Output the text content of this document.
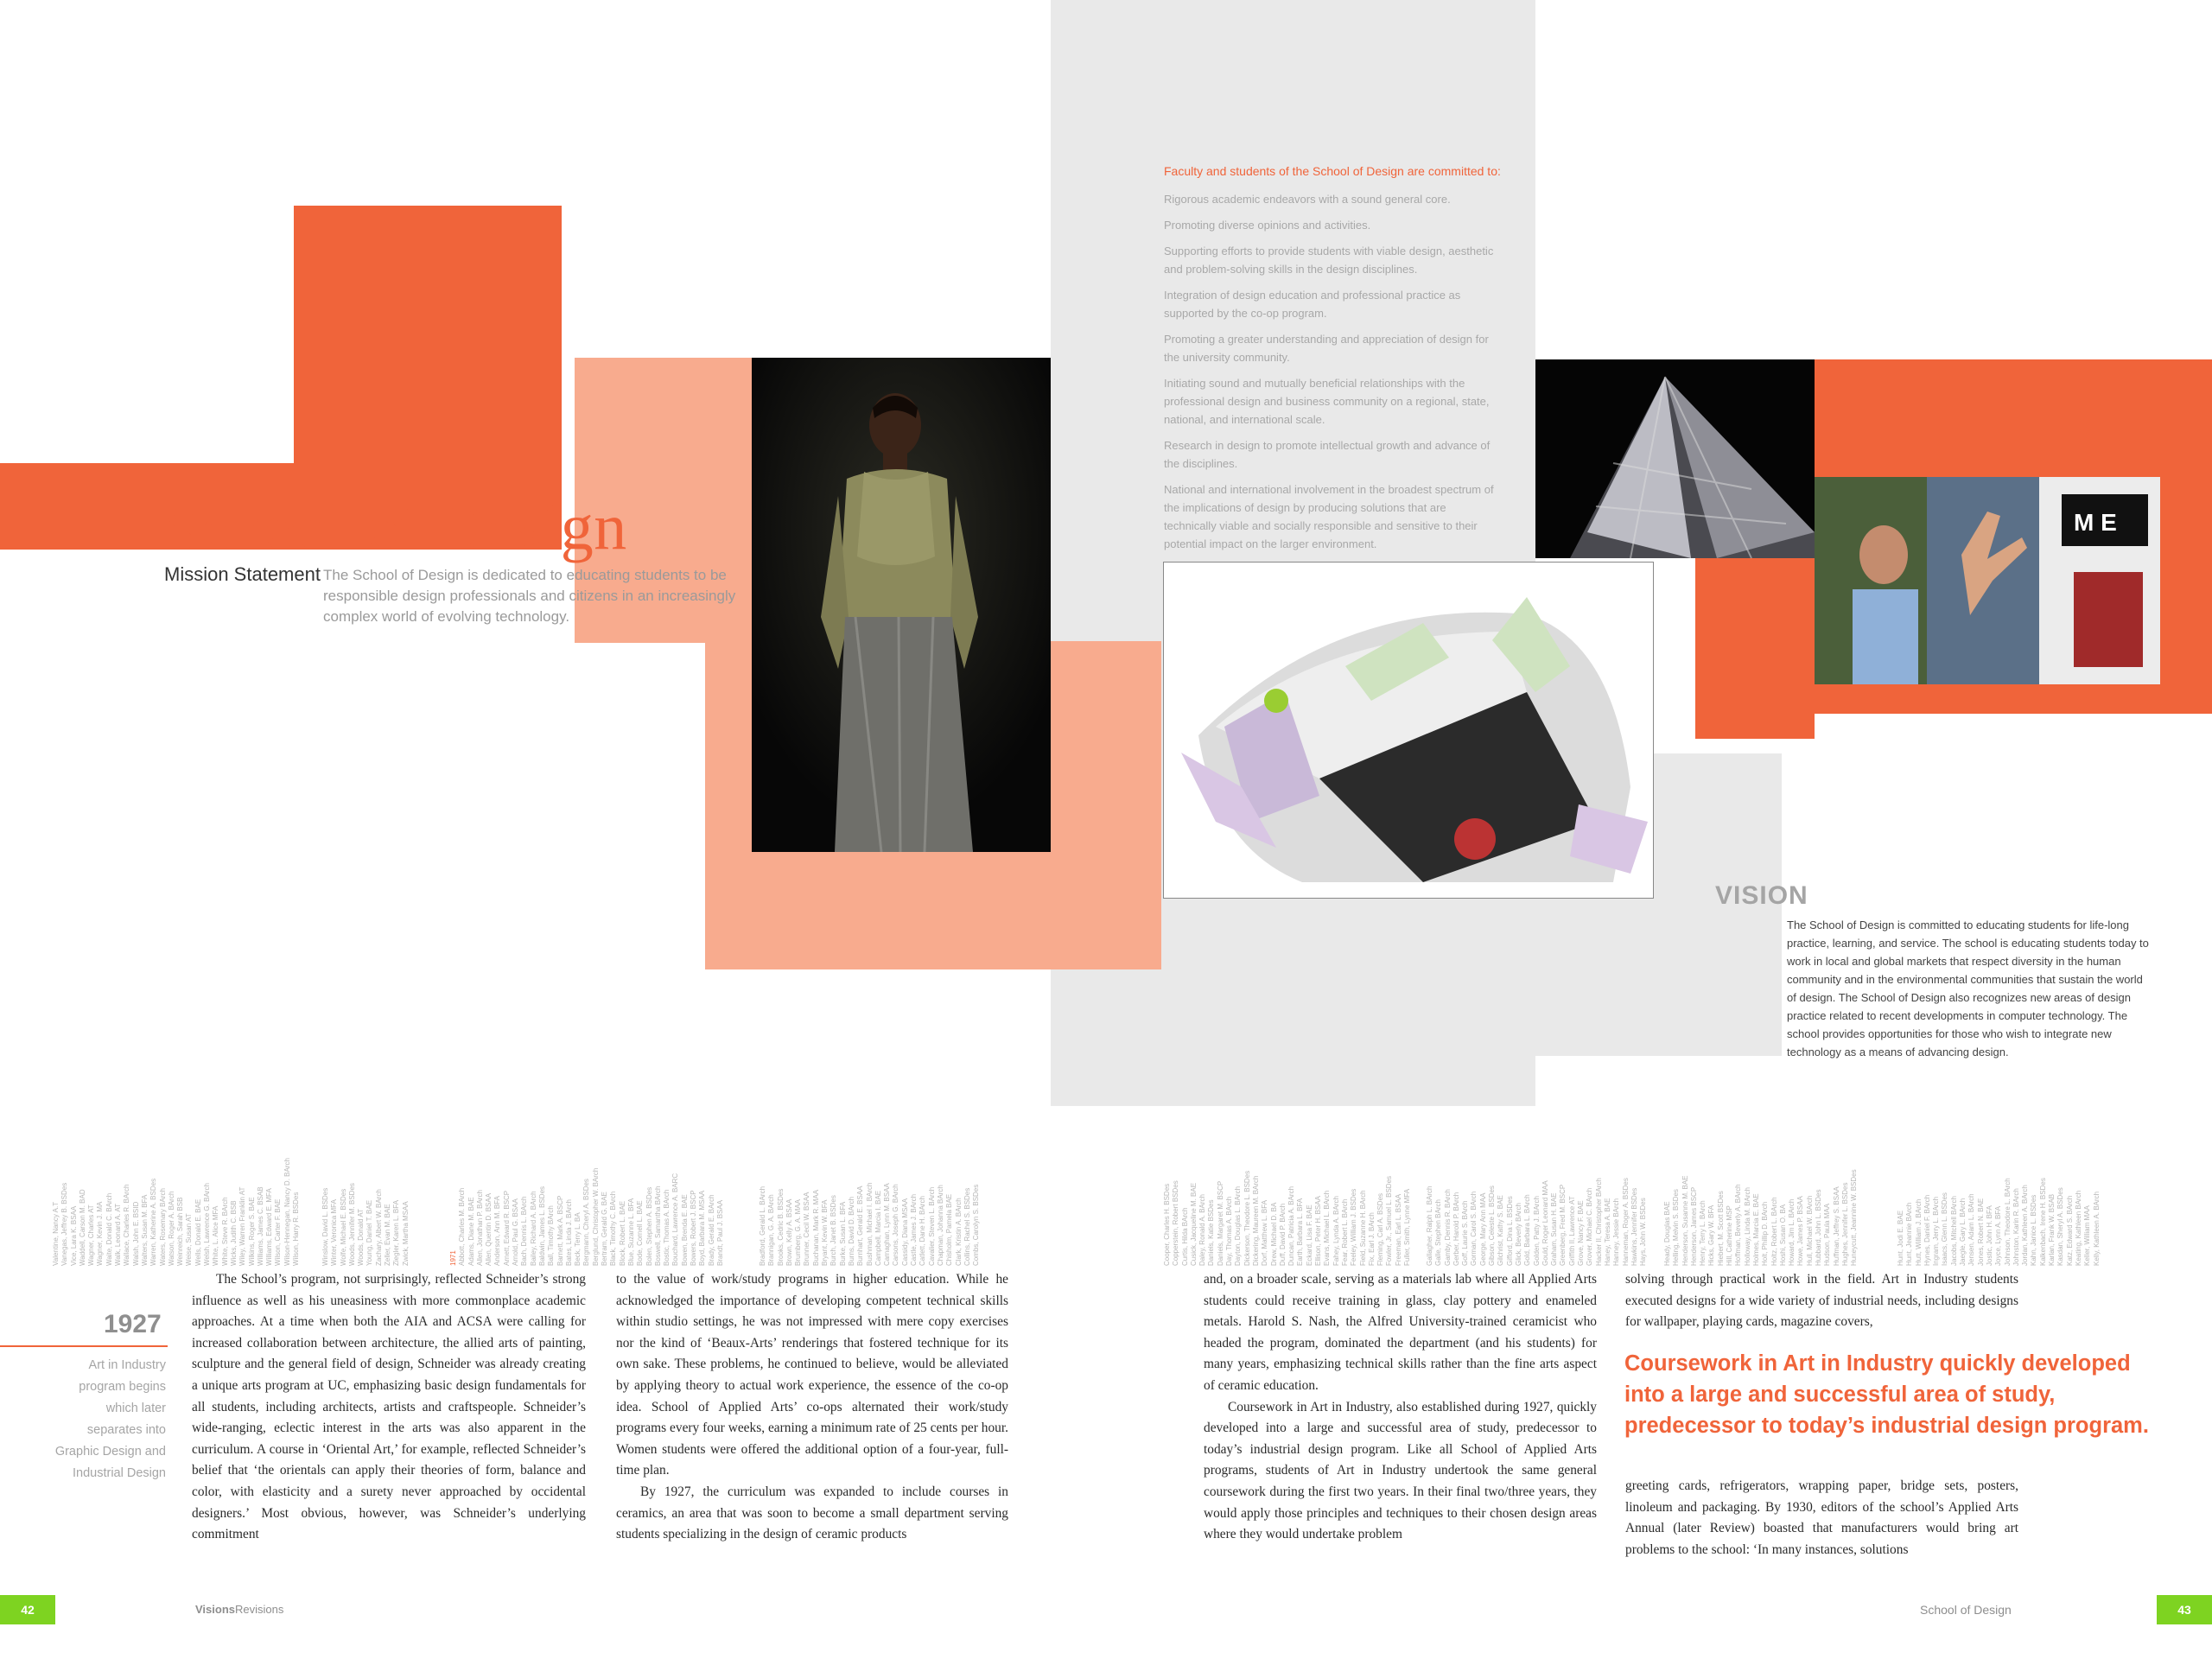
M E
School of Design
Mission Statement The School of Design is dedicated to educating students to be responsible design professionals and citizens in an increasingly complex world of evolving technology.
Faculty and students of the School of Design are committed to:
Rigorous academic endeavors with a sound general core.
Promoting diverse opinions and activities.
Supporting efforts to provide students with viable design, aesthetic and problem-solving skills in the design disciplines.
Integration of design education and professional practice as supported by the co-op program.
Promoting a greater understanding and appreciation of design for the university community.
Initiating sound and mutually beneficial relationships with the professional design and business community on a regional, state, national, and international scale.
Research in design to promote intellectual growth and advance of the disciplines.
National and international involvement in the broadest spectrum of the implications of design by producing solutions that are technically viable and socially responsible and sensitive to their potential impact on the larger environment.
VISION
The School of Design is committed to educating students for life-long practice, learning, and service. The school is educating students today to work in local and global markets that respect diversity in the human community and in the environmental communities that sustain the world of design. The School of Design also recognizes new areas of design practice related to recent developments in computer technology. The school provides opportunities for those who wish to integrate new technology as a means of advancing design.
Valentine, Nancy A.T Vanegas, Jeffrey B. BSDes Vice, Lara K. BSAA Waddell, Carson M. BAD Wagner, Charles AT Wagner, Kevin J. MA Waite, Donald C. BArch Walk, Leonard A. AT Wallace, Charles R. BArch Walsh, John E. BSID Walters, Susan M. BFA Warren, Katherine A. BSDes Waters, Rosemary BArch Watson, Roger A. BArch Weinreich, Sarah BSB Weise, Susan AT Wells, Donald E. BAE Welsh, Lawrence G. BArch White, L. Alice MFA White, Steve R. BArch Wicks, Judith C. BSB Wiley, Warren Franklin AT Wilkins, Roger S. BAE Williams, James C. BSAB Williams, Edward E. MFA Wilson, Carter F. BAE Wilson-Hennegan, Nancy D. BArch Wilson, Harry R. BSDes	Winslow, David L. BSDes Winter, Veronica MFA Wolfe, Michael E. BSDes Woods, Jennifer M. BSDes Woods, Donald AT Young, Daniel T. BAE Zachary, Albert W. BArch Zeller, Evan M. BAE Ziegler, Karen L. BFA Zwick, Martha MSAA	1971 Abbott, Charles M. BArch Adams, Diane M. BAE Allen, Jonathan P. BArch Allen, Quentin D. BSAA Anderson, Ann M. BFA Arnett, Edward R. BSCP Arnold, Paul G. BSAA Bach, Dennis L. BArch Bailey, Richard A. BArch Baldwin, James L. BSDes Ball, Timothy BArch Barnett, Mark A. BSCP Bates, Linda J. BArch Beck, Terry L. BA Bergmann, Cheryl A. BSDes Berglund, Christopher W. BArch Bertram, Gerald G. BAE Black, Timothy C. BArch Block, Robert L. BAE Blue, Suzanne L. BFA Bode, Cornell L. BAE Bolen, Stephen A. BSDes Boswell, Samantha BArch Bostic, Thomas A. BArch Bouchard, Lawrence A. BARC Bowen, Brenda E. BAE Bowers, Robert J. BSCP Boyd, Barbara M. MSAA Brady, Gerald E. BArch Brandt, Paul J. BSAA	Bradford, Gerald L. BArch Brannigan, G. A. BArch Brooks, Cedric B. BSDes Brown, Kelly A. BSAA Brumberg, G. A. MAA Brunner, Cecil W. BSAA Buchanan, Mark R. MAA Bryant, Kevin W. BFA Burch, Janet B. BSDes Burke, Susan L. BFA Burns, David D. BArch Burnhart, Gerald E. BSAA Bushman, Michael I. BArch Campbell, Marcia I. BAE Carnaghan, Lynn M. BSAA Carsons, Joseph G. BArch Cassidy, Diana MSAA Castle, James J. BArch Catlett, Dane H. BArch Cavalier, Steven L. BArch Chapman, Johanna BArch Chisholm, Pamela BAE Clark, Kristin A. BArch Collins, Rachel S. BSDes Combs, Carolyn S. BSDes	Cooper, Charles H. BSDes Copperstein, Robert BSDes Curtis, Hilda BArch Cusick, Jacqueline M. BAE Daley, Ronald A. BArch Daniels, Katie BSDes Daniels, Margaret M. BSCP Day, Thomas A. BArch Dayton, Douglas L. BArch Dickerson, Theodore L. BSDes Dickering, Maureen M. BArch Dorf, Matthew L. BFA Drew, Michael D. BA Duff, David P. BArch Duncan, Patricia A. BArch Earth, Barbara L. BFA Eckard, Lisa F. BAE Ellison, Peter H. BSAA Evans, Michael L. BArch Fahey, Lynda A. BArch Fear, Robert L. BArch Feeley, William J. BSDes Field, Suzanne H. BArch Fix, Earl J. BArch Fleming, Carl A. BSDes Fowler, Jr., Samuel L. BSDes Freeman, Earl L. BSAA Fuller, Smith, Lynne MFA Gallagher, Ralph L. BArch Galle, Stephen BArch Gamby, Dennis R. BArch Gerber, Harold P. BArch Goff, Laurie S. BArch Gorman, Carol S. BArch George, Mary Ann MAA Gibson, Celeste L. BSDes Gilchrist, Kathy S. BAE Gifford, Dina L. BSDes Glick, Beverly BArch Gold, Barbara L. BArch Golden, Patty J. BArch Gould, Roger Leonard MAA Graham, Susan H. BAE Greenberg, Fred M. BSCP Griffith II, Lawrence AT Grove, Nancy F. BAE Grover, Michael C. BArch Hacker II, Christopher BArch Haney, Teresa A. BAE Hanney, Jessie BArch Hanneman, Roger A. BSDes Hawkins, Jennifer BSDes Hays, John W. BSDes Heady, Douglas BAE Helling, Melvin S. BSDes Henderson, Susanne M. BAE Henderson, James BSCP Henry, Terry L. BArch Hicks, Gary W. BFA Hiebert, M. Scott BSDes Hill, Catherine MSP Hoffman, Beverly A. BArch Holloway, Linda M. BArch Holmes, Marcia E. BAE Holt, Phillip D. BArch Holtz, Robert L. BArch Hoshi, Susan O. BA Howard, Jim L. BArch Howe, James P. BSAA Hull, Michael W. BArch Hubbard, John L. BSDes Hudson, Paula MAA Huffman, Jeffrey S. BSAA Hughes, Jennifer L. BSDes Huneycutt, Jeannine W. BSDes	Hunt, Jodi E. BAE Hunt, Jeannie BArch Hutt, William J. BArch Hynes, Daniel F. BArch Ingram, Jerry L. BArch Isaacs, Glenn L. BSDes Jacobs, Mitchell BArch Jaegle, Gary L. BArch Jensen, Adam L. BArch Jones, Robert N. BAE Jostic, John H. BFA Joyce, Lynn A. BFA Johnson, Theodore L. BArch Johnston, Karin R. BArch Jordan, Kathleen A. BArch Kahn, Janice L. BSDes Kalkenbach, Irene H. BSDes Karlan, Frank W. BSAB Kasdan, Sheryl A. BSDes Katz, Edward S. BArch Keating, Kathleen BArch Keller, William MAA Kelly, Kathleen A. BArch
1927
Art in Industry program begins which later separates into Graphic Design and Industrial Design

The School’s program, not surprisingly, reflected Schneider’s strong influence as well as his uneasiness with more commonplace academic approaches. At a time when both the AIA and ACSA were calling for increased collaboration between architecture, the allied arts of painting, sculpture and the general field of design, Schneider was already creating a unique arts program at UC, emphasizing basic design fundamentals for all students, including architects, artists and craftspeople. Schneider’s wide-ranging, eclectic interest in the arts was also apparent in the curriculum. A course in ‘Oriental Art,’ for example, reflected Schneider’s belief that ‘the orientals can apply their theories of form, balance and color, with elasticity and a surety never approached by occidental designers.’ Most obvious, however, was Schneider’s underlying commitment

to the value of work/study programs in higher education. While he acknowledged the importance of developing competent technical skills within studio settings, he was not impressed with mere copy exercises nor the kind of ‘Beaux-Arts’ renderings that fostered technique for its own sake. These problems, he continued to believe, would be alleviated by applying theory to actual work experience, the essence of the co-op idea. School of Applied Arts’ co-ops alternated their work/study programs every four weeks, earning a minimum rate of 25 cents per hour. Women students were offered the additional option of a four-year, full-time plan.

By 1927, the curriculum was expanded to include courses in ceramics, an area that was soon to become a small department serving students specializing in the design of ceramic products

and, on a broader scale, serving as a materials lab where all Applied Arts students could receive training in glass, clay pottery and enameled metals. Harold S. Nash, the Alfred University-trained ceramicist who headed the program, dominated the department (and his students) for many years, emphasizing technical skills rather than the fine arts aspect of ceramic education.

Coursework in Art in Industry, also established during 1927, quickly developed into a large and successful area of study, predecessor to today’s industrial design program. Like all School of Applied Arts programs, students of Art in Industry undertook the same general coursework during the first two years. In their final two/three years, they would apply those principles and techniques to their chosen design areas where they would undertake problem

solving through practical work in the field. Art in Industry students executed designs for a wide variety of industrial needs, including designs for wallpaper, playing cards, magazine covers,

Coursework in Art in Industry quickly developed into a large and successful area of study, predecessor to today’s industrial design program.

greeting cards, refrigerators, wrapping paper, bridge sets, posters, linoleum and packaging. By 1930, editors of the school’s Applied Arts Annual (later Review) boasted that manufacturers would bring art problems to the school: ‘In many instances, solutions

42	VisionsRevisions	School of Design	43
